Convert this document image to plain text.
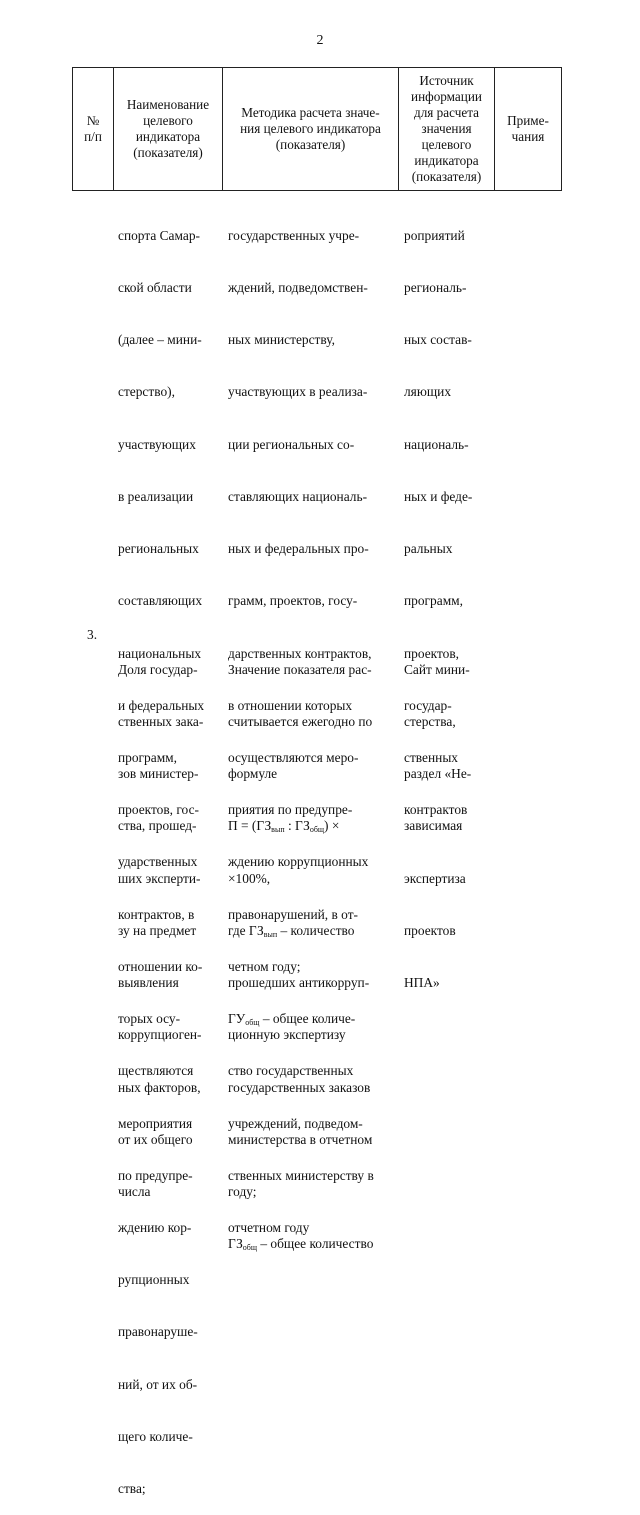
2
№
п/п
Наименование
целевого
индикатора
(показателя)
Методика расчета значе-
ния целевого индикатора
(показателя)
Источник
информации
для расчета
значения
целевого
индикатора
(показателя)
Приме-
чания

спорта Самар-

ской области

(далее – мини-

стерство),

участвующих

в реализации

региональных

составляющих

национальных

и федеральных

программ,

проектов, гос-

ударственных

контрактов, в

отношении ко-

торых осу-

ществляются

мероприятия

по предупре-

ждению кор-

рупционных

правонаруше-

ний, от их об-

щего количе-

ства;

государственных учре-

ждений, подведомствен-

ных министерству,

участвующих в реализа-

ции региональных со-

ставляющих националь-

ных и федеральных про-

грамм, проектов, госу-

дарственных контрактов,

в отношении которых

осуществляются меро-

приятия по предупре-

ждению коррупционных

правонарушений, в от-

четном году;

$ГУ_{общ}$ – общее количе-

ство государственных

учреждений, подведом-

ственных министерству в

отчетном году

роприятий

региональ-

ных состав-

ляющих

националь-

ных и феде-

ральных

программ,

проектов,

государ-

ственных

контрактов

3.

Доля государ-

ственных зака-

зов министер-

ства, прошед-

ших эксперти-

зу на предмет

выявления

коррупциоген-

ных факторов,

от их общего

числа

Значение показателя рас-

считывается ежегодно по

формуле

$П = (ГЗ_{вып}$ : $ГЗ_{общ}$) ×

×100%,

где $ГЗ_{вып}$ – количество

прошедших антикорруп-

ционную экспертизу

государственных заказов

министерства в отчетном

году;

$ГЗ_{общ}$ – общее количество

Сайт мини-

стерства,

раздел «Не-

зависимая

экспертиза

проектов

НПА»
